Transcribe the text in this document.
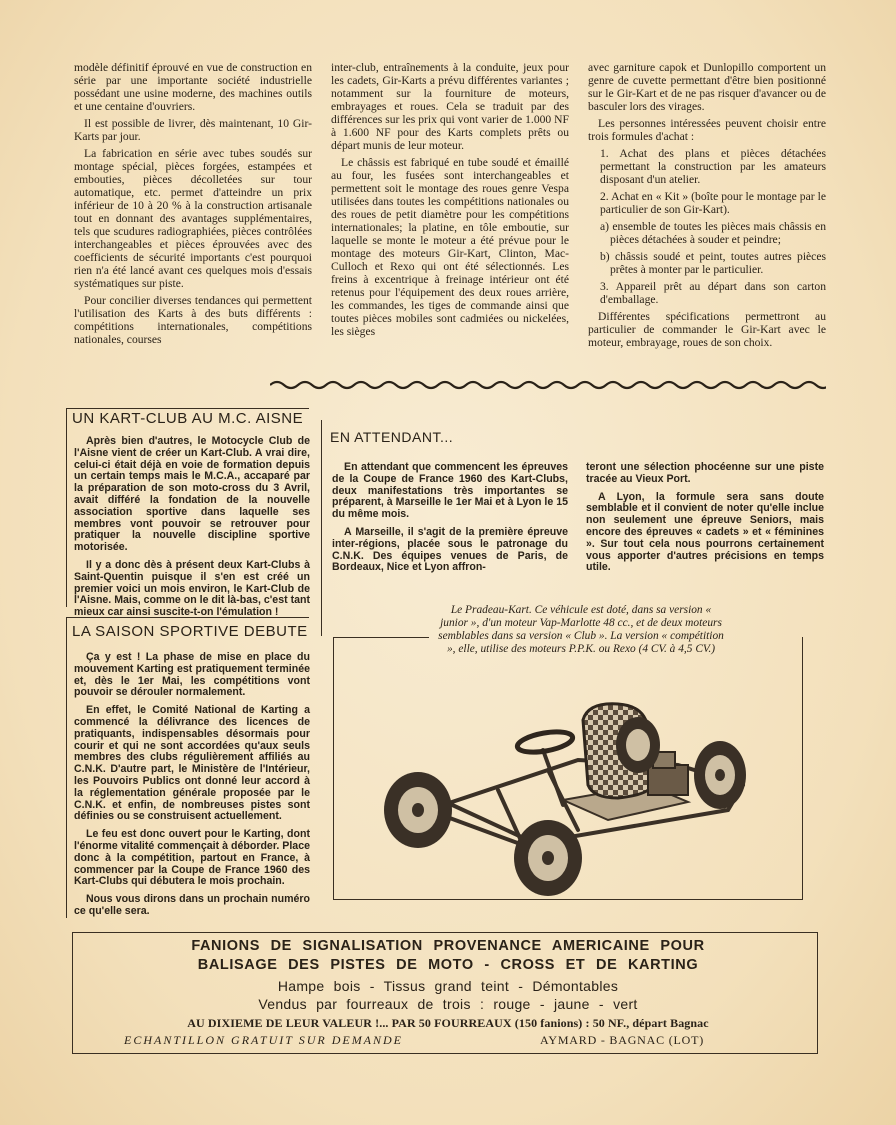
modèle définitif éprouvé en vue de construction en série par une importante société industrielle possédant une usine moderne, des machines outils et une centaine d'ouvriers.

Il est possible de livrer, dès maintenant, 10 Gir-Karts par jour.

La fabrication en série avec tubes soudés sur montage spécial, pièces forgées, estampées et embouties, pièces décolletées sur tour automatique, etc. permet d'atteindre un prix inférieur de 10 à 20 % à la construction artisanale tout en donnant des avantages supplémentaires, tels que scudures radiographiées, pièces contrôlées interchangeables et pièces éprouvées avec des coefficients de sécurité importants c'est pourquoi rien n'a été lancé avant ces quelques mois d'essais systématiques sur piste.

Pour concilier diverses tendances qui permettent l'utilisation des Karts à des buts différents : compétitions internationales, compétitions nationales, courses

inter-club, entraînements à la conduite, jeux pour les cadets, Gir-Karts a prévu différentes variantes ; notamment sur la fourniture de moteurs, embrayages et roues. Cela se traduit par des différences sur les prix qui vont varier de 1.000 NF à 1.600 NF pour des Karts complets prêts ou départ munis de leur moteur.

Le châssis est fabriqué en tube soudé et émaillé au four, les fusées sont interchangeables et permettent soit le montage des roues genre Vespa utilisées dans toutes les compétitions nationales ou des roues de petit diamètre pour les compétitions internationales; la platine, en tôle emboutie, sur laquelle se monte le moteur a été prévue pour le montage des moteurs Gir-Kart, Clinton, Mac-Culloch et Rexo qui ont été sélectionnés. Les freins à excentrique à freinage intérieur ont été retenus pour l'équipement des deux roues arrière, les commandes, les tiges de commande ainsi que toutes pièces mobiles sont cadmiées ou nickelées, les sièges

avec garniture capok et Dunlopillo comportent un genre de cuvette permettant d'être bien positionné sur le Gir-Kart et de ne pas risquer d'avancer ou de basculer lors des virages.

Les personnes intéressées peuvent choisir entre trois formules d'achat :

1. Achat des plans et pièces détachées permettant la construction par les amateurs disposant d'un atelier.

2. Achat en « Kit » (boîte pour le montage par le particulier de son Gir-Kart).

a) ensemble de toutes les pièces mais châssis en pièces détachées à souder et peindre;

b) châssis soudé et peint, toutes autres pièces prêtes à monter par le particulier.

3. Appareil prêt au départ dans son carton d'emballage.

Différentes spécifications permettront au particulier de commander le Gir-Kart avec le moteur, embrayage, roues de son choix.

UN KART-CLUB AU M.C. AISNE

Après bien d'autres, le Motocycle Club de l'Aisne vient de créer un Kart-Club. A vrai dire, celui-ci était déjà en voie de formation depuis un certain temps mais le M.C.A., accaparé par la préparation de son moto-cross du 3 Avril, avait différé la fondation de la nouvelle association sportive dans laquelle ses membres vont pouvoir se retrouver pour pratiquer la nouvelle discipline sportive motorisée.

Il y a donc dès à présent deux Kart-Clubs à Saint-Quentin puisque il s'en est créé un premier voici un mois environ, le Kart-Club de l'Aisne. Mais, comme on le dit là-bas, c'est tant mieux car ainsi suscite-t-on l'émulation !

LA SAISON SPORTIVE DEBUTE

Ça y est ! La phase de mise en place du mouvement Karting est pratiquement terminée et, dès le 1er Mai, les compétitions vont pouvoir se dérouler normalement.

En effet, le Comité National de Karting a commencé la délivrance des licences de pratiquants, indispensables désormais pour courir et qui ne sont accordées qu'aux seuls membres des clubs régulièrement affiliés au C.N.K. D'autre part, le Ministère de l'Intérieur, les Pouvoirs Publics ont donné leur accord à la réglementation générale proposée par le C.N.K. et enfin, de nombreuses pistes sont définies ou se construisent actuellement.

Le feu est donc ouvert pour le Karting, dont l'énorme vitalité commençait à déborder. Place donc à la compétition, partout en France, à commencer par la Coupe de France 1960 des Kart-Clubs qui débutera le mois prochain.

Nous vous dirons dans un prochain numéro ce qu'elle sera.

EN ATTENDANT...

En attendant que commencent les épreuves de la Coupe de France 1960 des Kart-Clubs, deux manifestations très importantes se préparent, à Marseille le 1er Mai et à Lyon le 15 du même mois.

A Marseille, il s'agit de la première épreuve inter-régions, placée sous le patronage du C.N.K. Des équipes venues de Paris, de Bordeaux, Nice et Lyon affron-

teront une sélection phocéenne sur une piste tracée au Vieux Port.

A Lyon, la formule sera sans doute semblable et il convient de noter qu'elle inclue non seulement une épreuve Seniors, mais encore des épreuves « cadets » et « féminines ». Sur tout cela nous pourrons certainement vous apporter d'autres précisions en temps utile.

Le Pradeau-Kart. Ce véhicule est doté, dans sa version « junior », d'un moteur Vap-Marlotte 48 cc., et de deux moteurs semblables dans sa version « Club ». La version « compétition », elle, utilise des moteurs P.P.K. ou Rexo (4 CV. à 4,5 CV.)
FANIONS DE SIGNALISATION PROVENANCE AMERICAINE POUR
BALISAGE DES PISTES DE MOTO - CROSS ET DE KARTING
Hampe bois - Tissus grand teint - Démontables
Vendus par fourreaux de trois : rouge - jaune - vert
AU DIXIEME DE LEUR VALEUR !... PAR 50 FOURREAUX (150 fanions) : 50 NF., départ Bagnac
ECHANTILLON GRATUIT SUR DEMANDE	AYMARD - BAGNAC (LOT)
